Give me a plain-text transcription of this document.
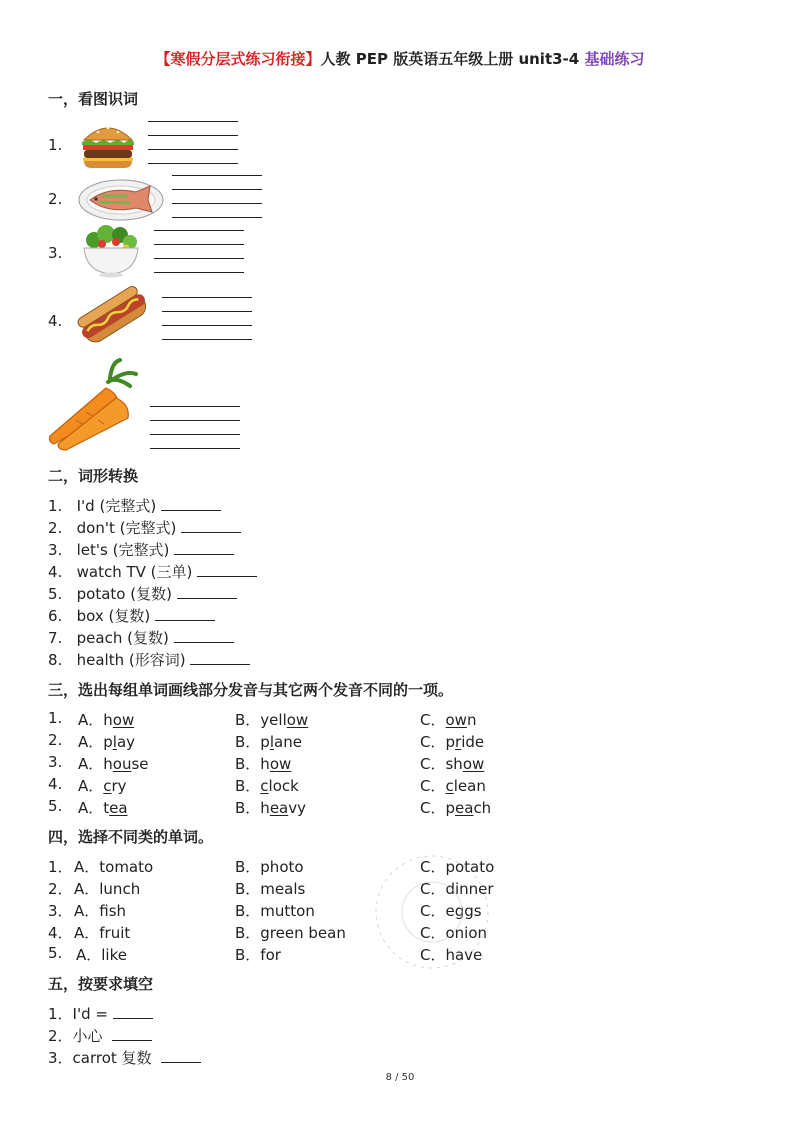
【寒假分层式练习衔接】人教 PEP 版英语五年级上册 unit3-4 基础练习
一，看图识词
1.
2.
3.
4.
二，词形转换
1. I'd (完整式)
2. don't (完整式)
3. let's (完整式)
4. watch TV (三单)
5. potato (复数)
6. box (复数)
7. peach (复数)
8. health (形容词)
三，选出每组单词画线部分发音与其它两个发音不同的一项。
1. A．how	B．yellow	C．own
2. A．play	B．plane	C．pride
3. A．house	B．how	C．show
4. A．cry	B．clock	C．clean
5. A．tea	B．heavy	C．peach
四，选择不同类的单词。
1． A．tomato	B．photo	C．potato
2． A．lunch	B．meals	C．dinner
3． A．fish	B．mutton	C．eggs
4． A．fruit	B．green bean	C．onion
5. A．like	B．for	C．have
五，按要求填空
1．I'd =
2．小心
3．carrot 复数
8 / 50
